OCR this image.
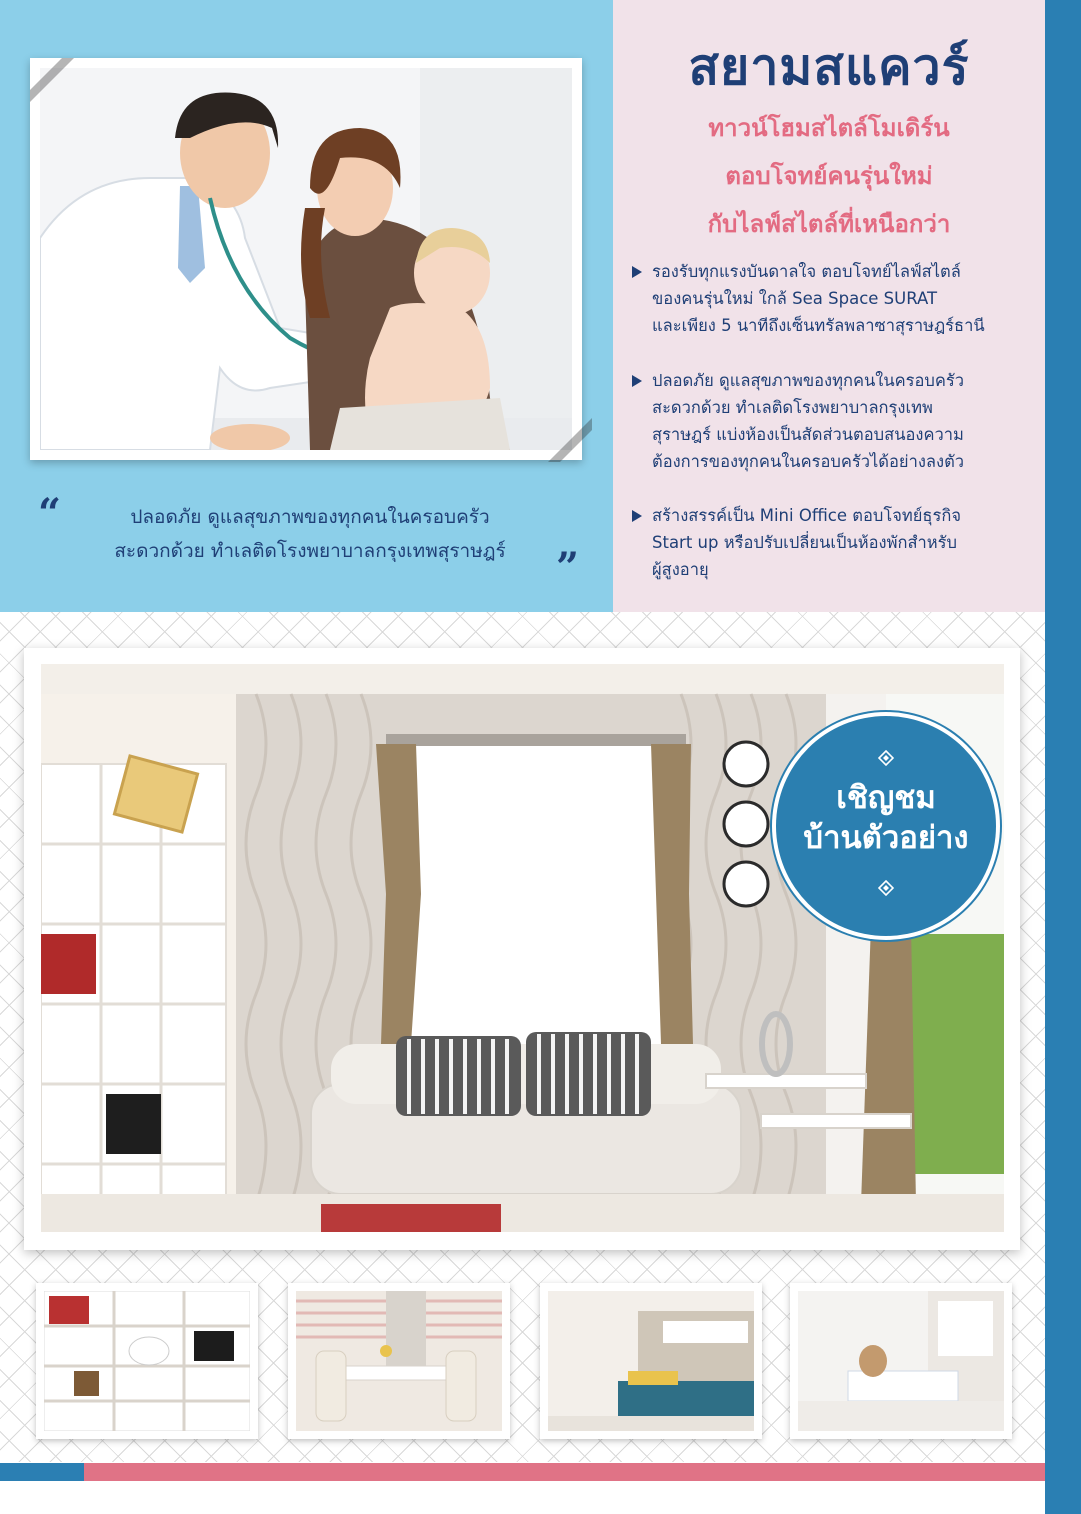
“	ปลอดภัย ดูแลสุขภาพของทุกคนในครอบครัว
สะดวกด้วย ทำเลติดโรงพยาบาลกรุงเทพสุราษฎร์	”
สยามสแควร์
ทาวน์โฮมสไตล์โมเดิร์น
ตอบโจทย์คนรุ่นใหม่
กับไลฟ์สไตล์ที่เหนือกว่า
รองรับทุกแรงบันดาลใจ ตอบโจทย์ไลฟ์สไตล์
ของคนรุ่นใหม่ ใกล้ Sea Space SURAT
และเพียง 5 นาทีถึงเซ็นทรัลพลาซาสุราษฎร์ธานี
ปลอดภัย ดูแลสุขภาพของทุกคนในครอบครัว
สะดวกด้วย ทำเลติดโรงพยาบาลกรุงเทพ
สุราษฎร์ แบ่งห้องเป็นสัดส่วนตอบสนองความ
ต้องการของทุกคนในครอบครัวได้อย่างลงตัว
สร้างสรรค์เป็น Mini Office ตอบโจทย์ธุรกิจ
Start up หรือปรับเปลี่ยนเป็นห้องพักสำหรับ
ผู้สูงอายุ
เชิญชม
บ้านตัวอย่าง
